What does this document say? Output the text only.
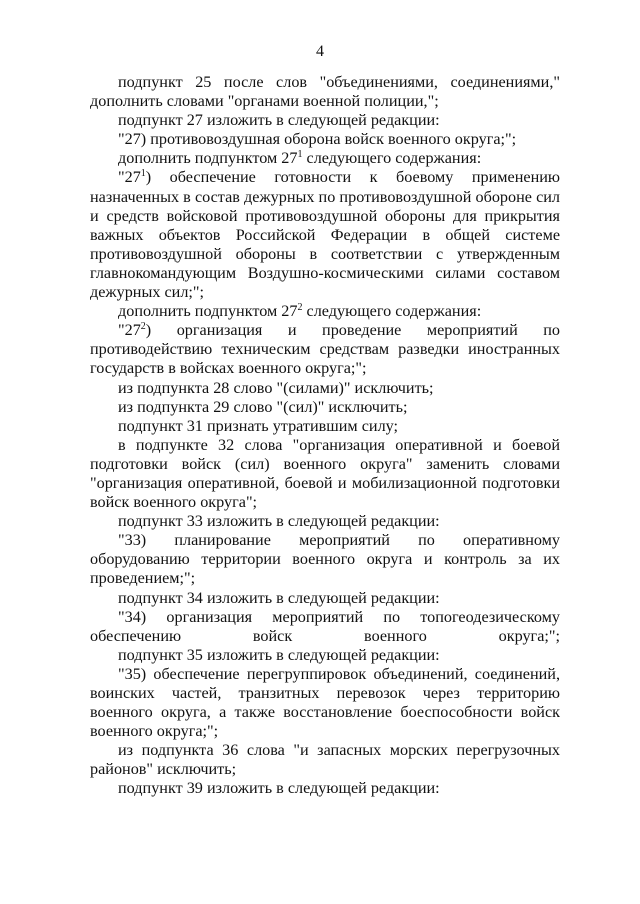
4

подпункт 25 после слов "объединениями, соединениями," дополнить словами "органами военной полиции,";

подпункт 27 изложить в следующей редакции:

"27) противовоздушная оборона войск военного округа;";

дополнить подпунктом $27^1$ следующего содержания:

"$27^1$) обеспечение готовности к боевому применению назначенных в состав дежурных по противовоздушной обороне сил и средств войсковой противовоздушной обороны для прикрытия важных объектов Российской Федерации в общей системе противовоздушной обороны в соответствии с утвержденным главнокомандующим Воздушно-космическими силами составом дежурных сил;";

дополнить подпунктом $27^2$ следующего содержания:

"$27^2$) организация и проведение мероприятий по противодействию техническим средствам разведки иностранных государств в войсках военного округа;";

из подпункта 28 слово "(силами)" исключить;

из подпункта 29 слово "(сил)" исключить;

подпункт 31 признать утратившим силу;

в подпункте 32 слова "организация оперативной и боевой подготовки войск (сил) военного округа" заменить словами "организация оперативной, боевой и мобилизационной подготовки войск военного округа";

подпункт 33 изложить в следующей редакции:

"33) планирование мероприятий по оперативному оборудованию территории военного округа и контроль за их проведением;";

подпункт 34 изложить в следующей редакции:

"34) организация мероприятий по топогеодезическому обеспечению войск военного округа;";

подпункт 35 изложить в следующей редакции:

"35) обеспечение перегруппировок объединений, соединений, воинских частей, транзитных перевозок через территорию военного округа, а также восстановление боеспособности войск военного округа;";

из подпункта 36 слова "и запасных морских перегрузочных районов" исключить;

подпункт 39 изложить в следующей редакции:
